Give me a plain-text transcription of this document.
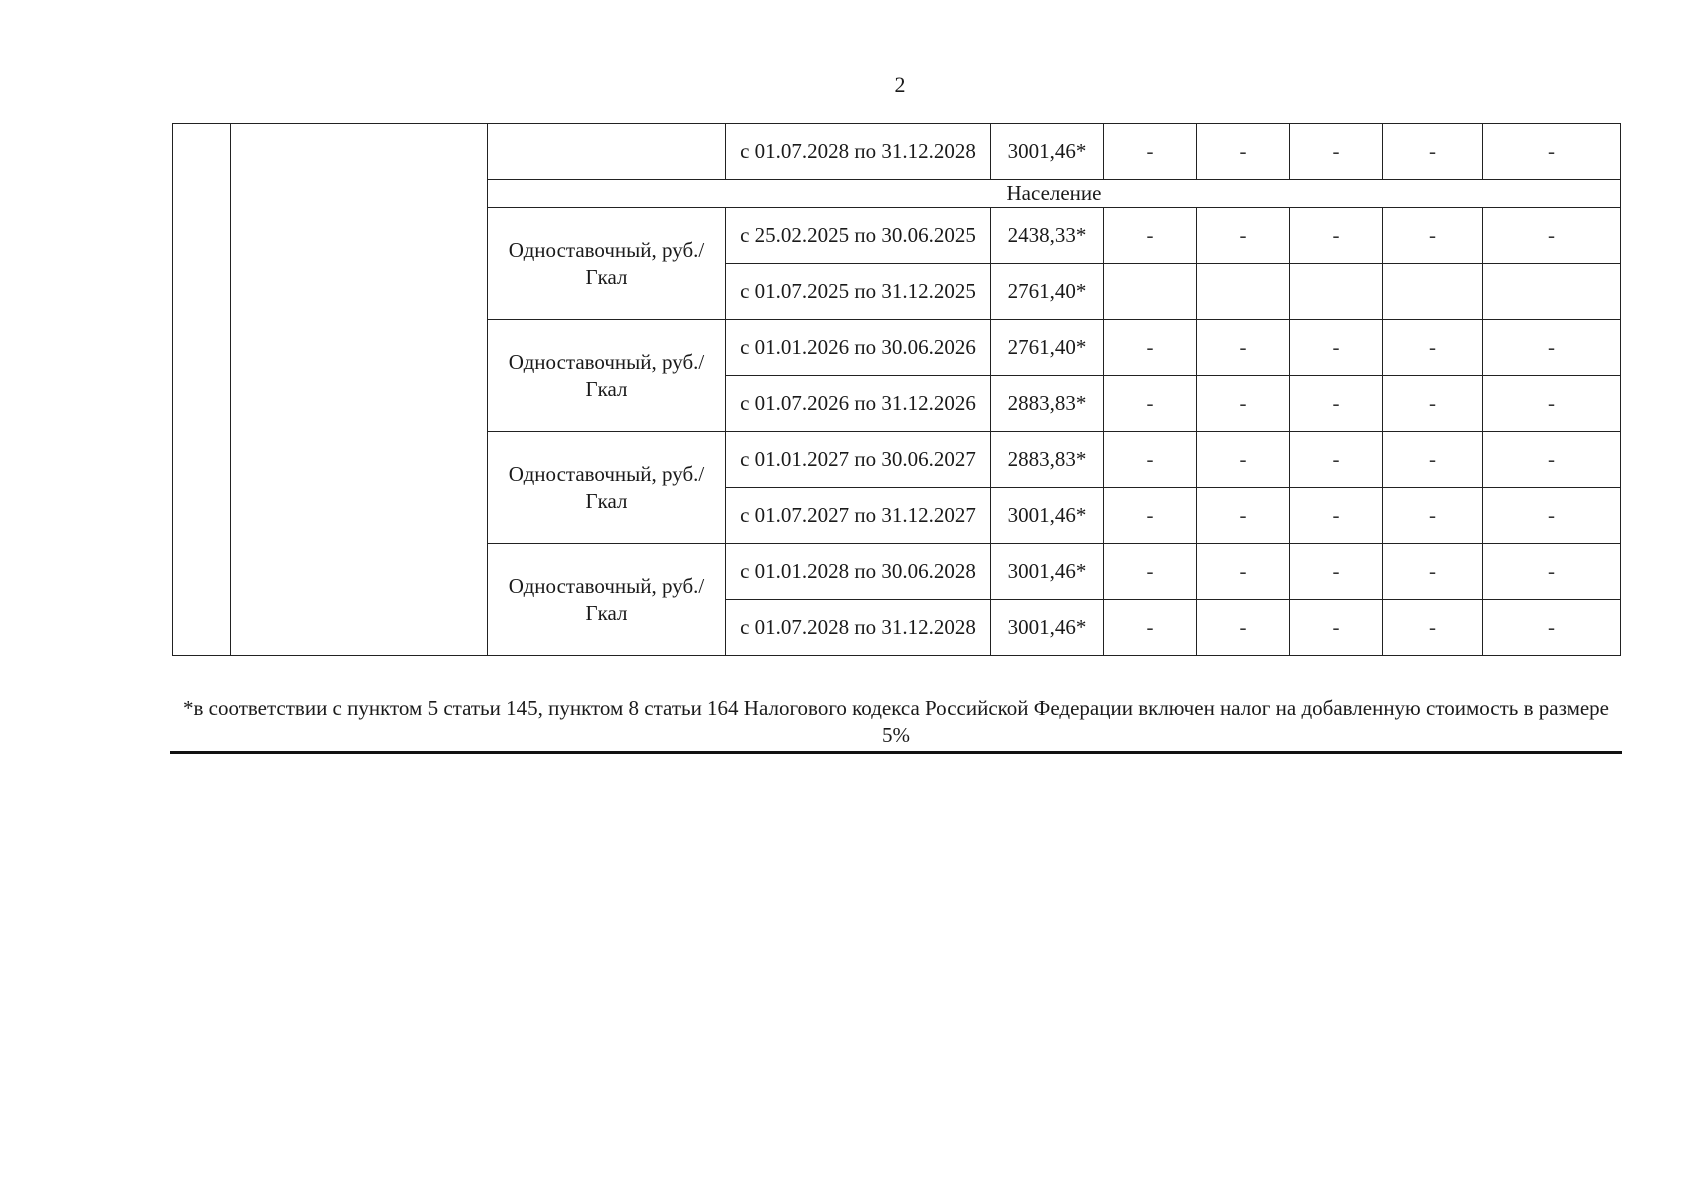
2
			с 01.07.2028 по 31.12.2028	3001,46*	-	-	-	-	-
		Население							
		Одноставочный, руб./Гкал	с 25.02.2025 по 30.06.2025	2438,33*	-	-	-	-	-
			с 01.07.2025 по 31.12.2025	2761,40*					
		Одноставочный, руб./Гкал	с 01.01.2026 по 30.06.2026	2761,40*	-	-	-	-	-
			с 01.07.2026 по 31.12.2026	2883,83*	-	-	-	-	-
		Одноставочный, руб./Гкал	с 01.01.2027 по 30.06.2027	2883,83*	-	-	-	-	-
			с 01.07.2027 по 31.12.2027	3001,46*	-	-	-	-	-
		Одноставочный, руб./Гкал	с 01.01.2028 по 30.06.2028	3001,46*	-	-	-	-	-
			с 01.07.2028 по 31.12.2028	3001,46*	-	-	-	-	-
*в соответствии с пунктом 5 статьи 145, пунктом 8 статьи 164 Налогового кодекса Российской Федерации включен налог на добавленную стоимость в размере 5%
